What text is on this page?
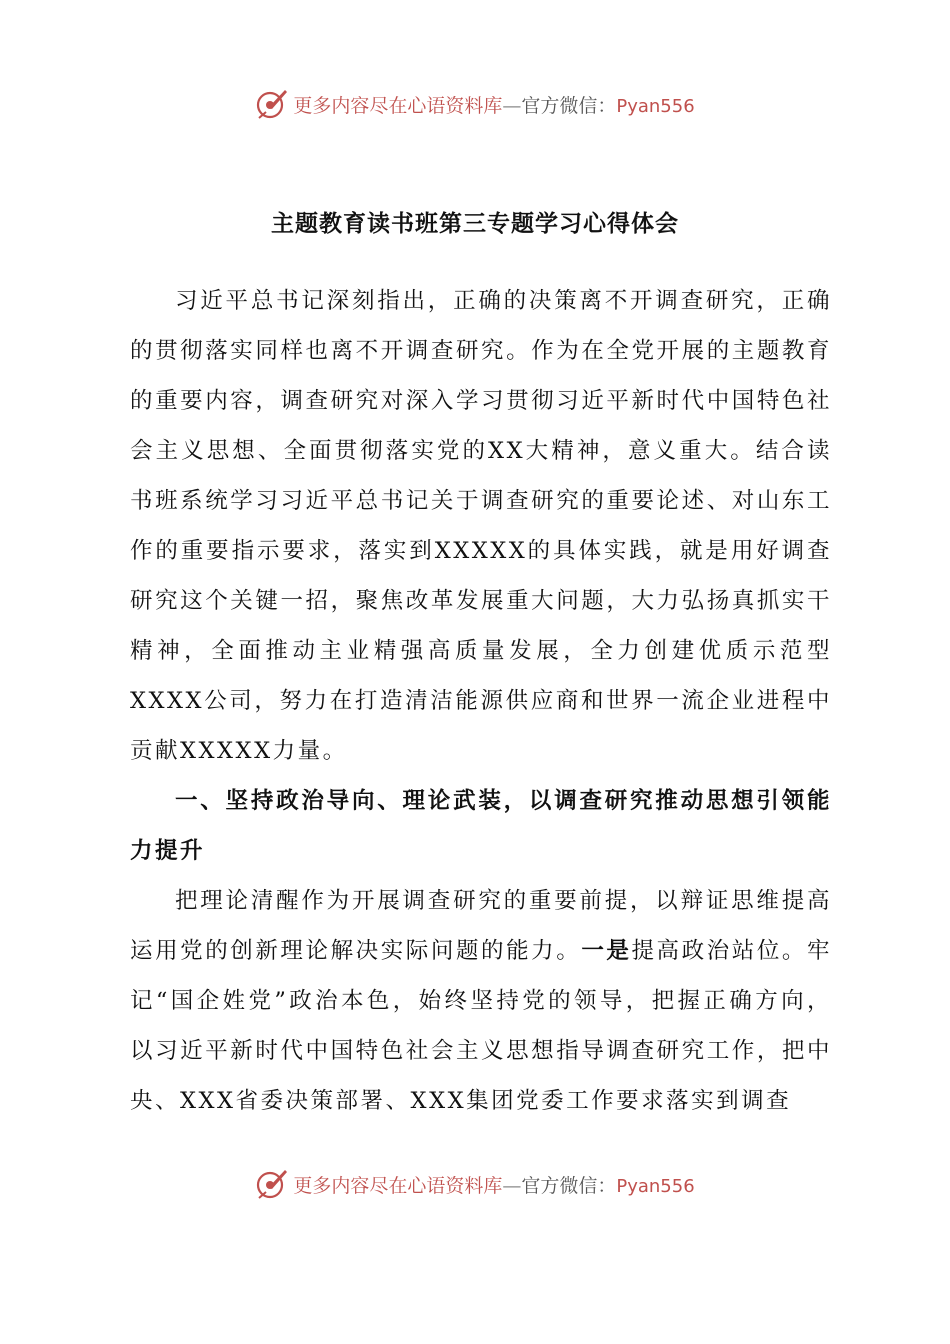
更多内容尽在心语资料库—官方微信：Pyan556
主题教育读书班第三专题学习心得体会

习近平总书记深刻指出，正确的决策离不开调查研究，正确的贯彻落实同样也离不开调查研究。作为在全党开展的主题教育的重要内容，调查研究对深入学习贯彻习近平新时代中国特色社会主义思想、全面贯彻落实党的XX大精神，意义重大。结合读书班系统学习习近平总书记关于调查研究的重要论述、对山东工作的重要指示要求，落实到XXXXX的具体实践，就是用好调查研究这个关键一招，聚焦改革发展重大问题，大力弘扬真抓实干精神，全面推动主业精强高质量发展，全力创建优质示范型XXXX公司，努力在打造清洁能源供应商和世界一流企业进程中贡献XXXXX力量。

一、坚持政治导向、理论武装，以调查研究推动思想引领能力提升

把理论清醒作为开展调查研究的重要前提，以辩证思维提高运用党的创新理论解决实际问题的能力。一是提高政治站位。牢记“国企姓党”政治本色，始终坚持党的领导，把握正确方向，以习近平新时代中国特色社会主义思想指导调查研究工作，把中央、XXX省委决策部署、XXX集团党委工作要求落实到调查

更多内容尽在心语资料库—官方微信：Pyan556
